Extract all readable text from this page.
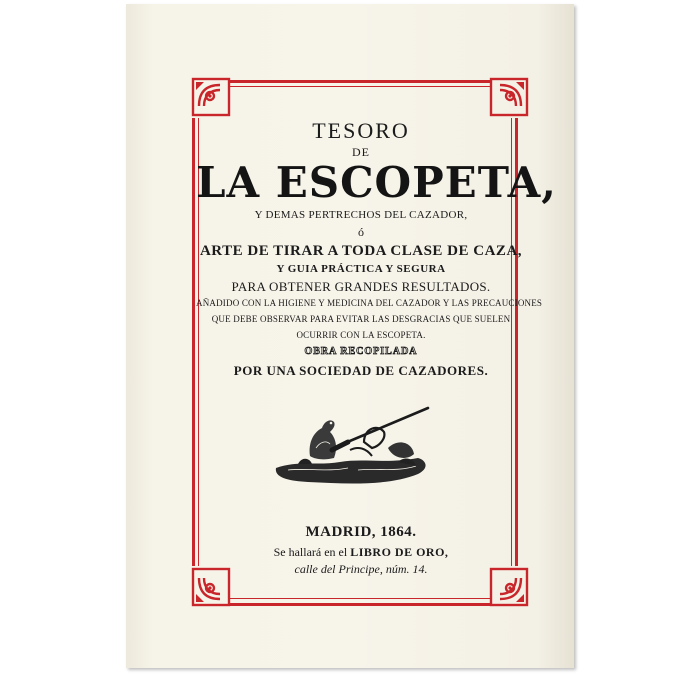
TESORO
DE
LA ESCOPETA,
Y DEMAS PERTRECHOS DEL CAZADOR,
ó
ARTE DE TIRAR A TODA CLASE DE CAZA,
Y GUIA PRÁCTICA Y SEGURA
PARA OBTENER GRANDES RESULTADOS.
AÑADIDO CON LA HIGIENE Y MEDICINA DEL CAZADOR Y LAS PRECAUCIONES
QUE DEBE OBSERVAR PARA EVITAR LAS DESGRACIAS QUE SUELEN
OCURRIR CON LA ESCOPETA.
OBRA RECOPILADA
POR UNA SOCIEDAD DE CAZADORES.
MADRID, 1864.
Se hallará en el LIBRO DE ORO,
calle del Principe, núm. 14.
